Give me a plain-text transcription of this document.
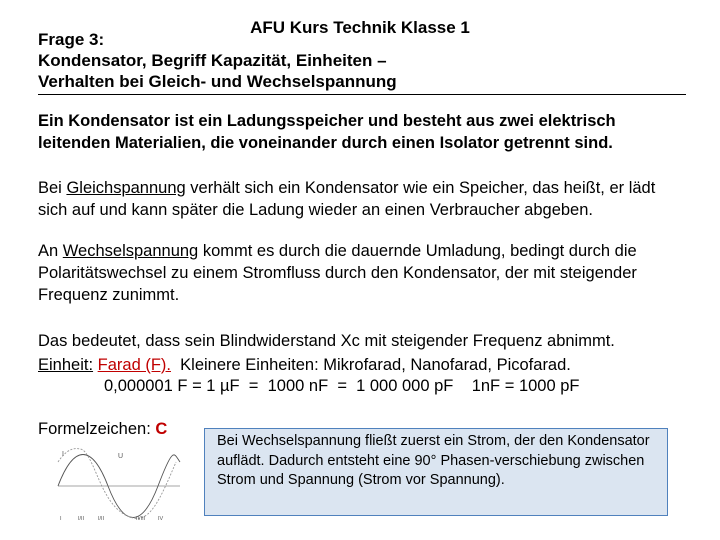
AFU Kurs Technik Klasse 1
Frage 3:
Kondensator, Begriff Kapazität, Einheiten –
Verhalten bei Gleich- und Wechselspannung
Ein Kondensator ist ein Ladungsspeicher und besteht aus zwei elektrisch leitenden Materialien, die voneinander durch einen Isolator getrennt sind.
Bei Gleichspannung verhält sich ein Kondensator wie ein Speicher, das heißt, er lädt sich auf und kann später die Ladung wieder an einen Verbraucher abgeben.
An Wechselspannung kommt es durch die dauernde Umladung, bedingt durch die Polaritätswechsel zu einem Stromfluss durch den Kondensator, der mit steigender Frequenz zunimmt.
Das bedeutet, dass sein Blindwiderstand Xc mit steigender Frequenz abnimmt.
Einheit: Farad (F). Kleinere Einheiten: Mikrofarad, Nanofarad, Picofarad.
0,000001 F = 1 µF  =  1000 nF  =  1 000 000 pF    1nF = 1000 pF
Formelzeichen: C
Bei Wechselspannung fließt zuerst ein Strom, der den Kondensator auflädt. Dadurch entsteht eine 90° Phasen-verschiebung zwischen Strom und Spannung (Strom vor Spannung).
I	U
I	I/II	I/II	II/III IV
